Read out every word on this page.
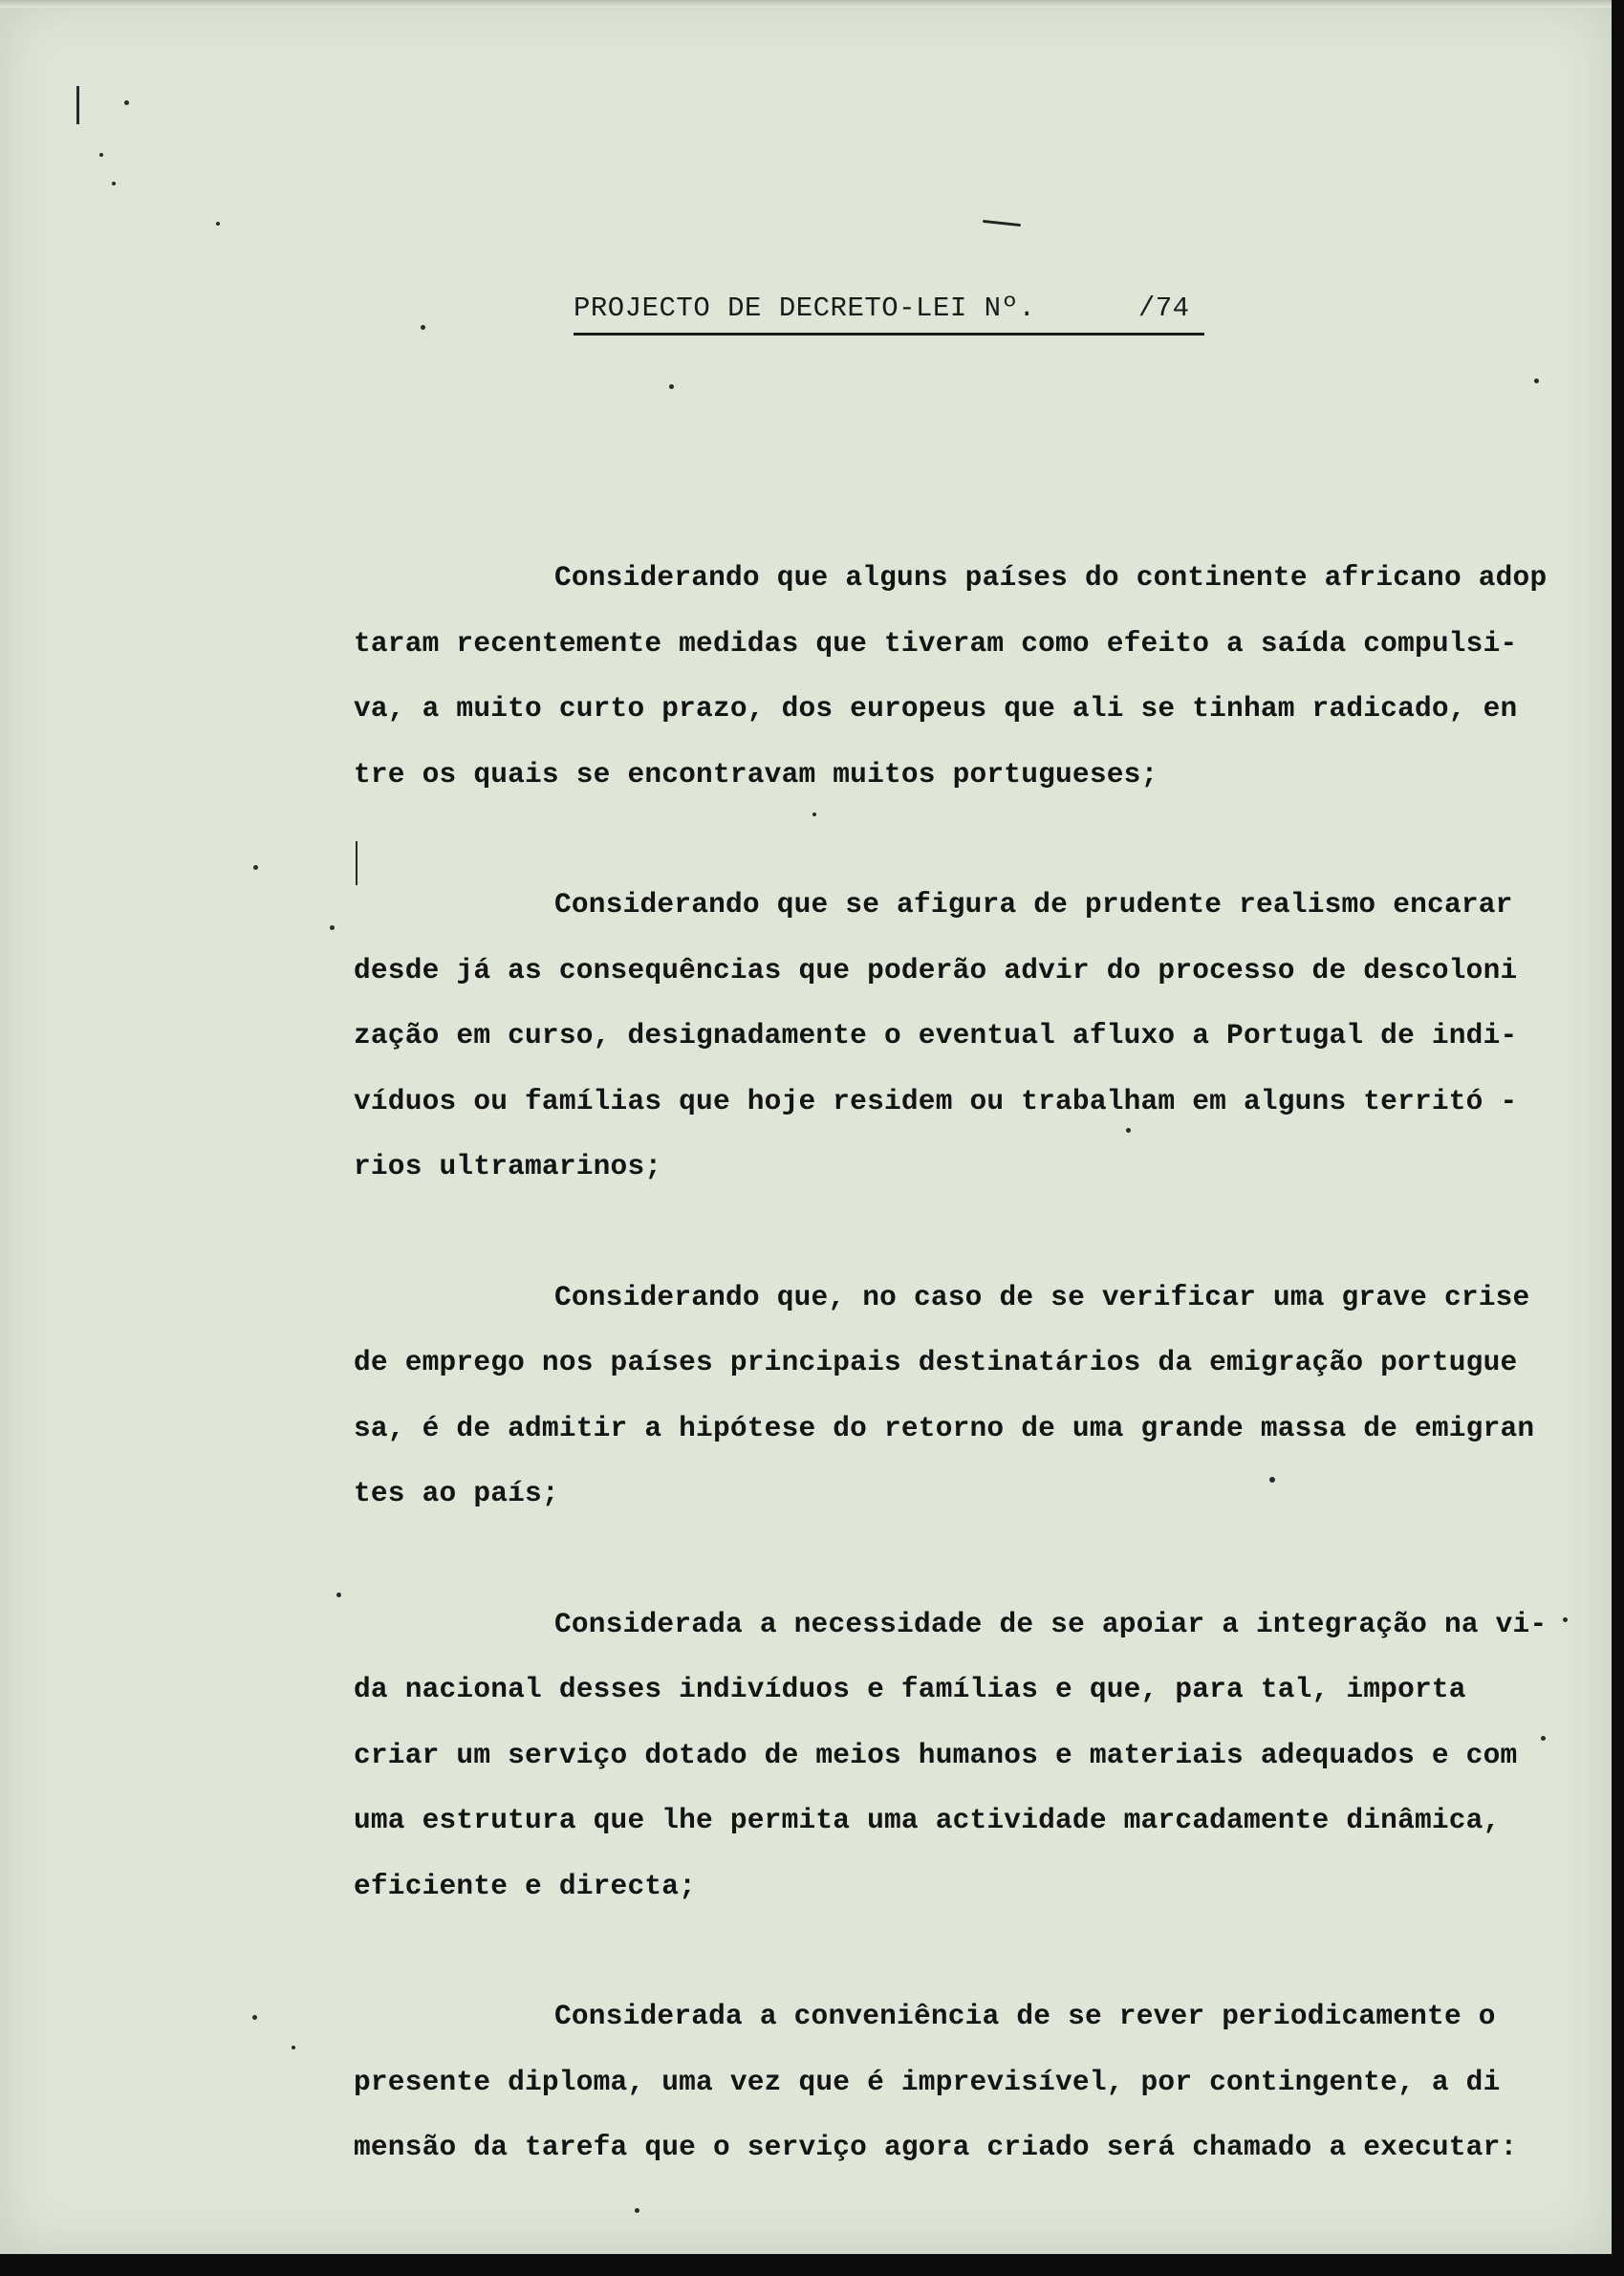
PROJECTO DE DECRETO-LEI Nº.	/74
Considerando que alguns países do continente africano adop
taram recentemente medidas que tiveram como efeito a saída compulsi-
va, a muito curto prazo, dos europeus que ali se tinham radicado, en
tre os quais se encontravam muitos portugueses;
Considerando que se afigura de prudente realismo encarar
desde já as consequências que poderão advir do processo de descoloni
zação em curso, designadamente o eventual afluxo a Portugal de indi-
víduos ou famílias que hoje residem ou trabalham em alguns territó -
rios ultramarinos;
Considerando que, no caso de se verificar uma grave crise
de emprego nos países principais destinatários da emigração portugue
sa, é de admitir a hipótese do retorno de uma grande massa de emigran
tes ao país;
Considerada a necessidade de se apoiar a integração na vi-
da nacional desses indivíduos e famílias e que, para tal, importa
criar um serviço dotado de meios humanos e materiais adequados e com
uma estrutura que lhe permita uma actividade marcadamente dinâmica,
eficiente e directa;
Considerada a conveniência de se rever periodicamente o
presente diploma, uma vez que é imprevisível, por contingente, a di
mensão da tarefa que o serviço agora criado será chamado a executar:
